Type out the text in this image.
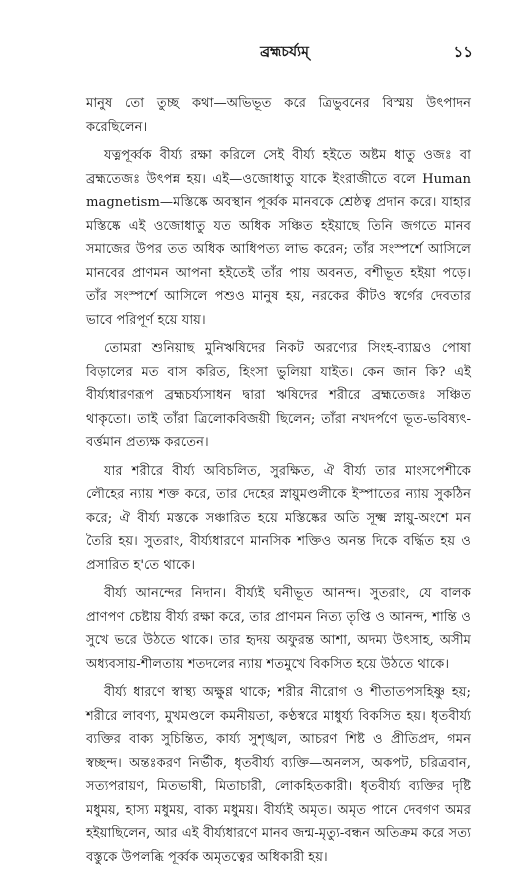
ব্রহ্মচর্য্যম্	১১

মানুষ তো তুচ্ছ কথা—অভিভূত করে ত্রিভুবনের বিস্ময় উৎপাদন করেছিলেন।

যত্নপূর্ব্বক বীর্য্য রক্ষা করিলে সেই বীর্য্য হইতে অষ্টম ধাতু ওজঃ বা ব্রহ্মতেজঃ উৎপন্ন হয়। এই—ওজোধাতু যাকে ইংরাজীতে বলে Human magnetism—মস্তিষ্কে অবস্থান পূর্ব্বক মানবকে শ্রেষ্ঠত্ব প্রদান করে। যাহার মস্তিষ্কে এই ওজোধাতু যত অধিক সঞ্চিত হইয়াছে তিনি জগতে মানব সমাজের উপর তত অধিক আধিপত্য লাভ করেন; তাঁর সংস্পর্শে আসিলে মানবের প্রাণমন আপনা হইতেই তাঁর পায় অবনত, বশীভূত হইয়া পড়ে। তাঁর সংস্পর্শে আসিলে পশুও মানুষ হয়, নরকের কীটও স্বর্গের দেবতার ভাবে পরিপূর্ণ হয়ে যায়।

তোমরা শুনিয়াছ মুনিঋষিদের নিকট অরণ্যের সিংহ-ব্যাঘ্রও পোষা বিড়ালের মত বাস করিত, হিংসা ভুলিয়া যাইত। কেন জান কি? এই বীর্য্যধারণরূপ ব্রহ্মচর্য্যসাধন দ্বারা ঋষিদের শরীরে ব্রহ্মতেজঃ সঞ্চিত থাকৃতো। তাই তাঁরা ত্রিলোকবিজয়ী ছিলেন; তাঁরা নখদর্পণে ভূত-ভবিষ্যৎ-বর্ত্তমান প্রত্যক্ষ করতেন।

যার শরীরে বীর্য্য অবিচলিত, সুরক্ষিত, ঐ বীর্য্য তার মাংসপেশীকে লৌহের ন্যায় শক্ত করে, তার দেহের স্নায়ুমণ্ডলীকে ইস্পাতের ন্যায় সুকঠিন করে; ঐ বীর্য্য মস্তকে সঞ্চারিত হয়ে মস্তিষ্কের অতি সূক্ষ্ম স্নায়ু-অংশে মন তৈরি হয়। সুতরাং, বীর্য্যধারণে মানসিক শক্তিও অনন্ত দিকে বর্দ্ধিত হয় ও প্রসারিত হ'তে থাকে।

বীর্য্য আনন্দের নিদান। বীর্য্যই ঘনীভূত আনন্দ। সুতরাং, যে বালক প্রাণপণ চেষ্টায় বীর্য্য রক্ষা করে, তার প্রাণমন নিত্য তৃপ্তি ও আনন্দ, শান্তি ও সুখে ভরে উঠতে থাকে। তার হৃদয় অফুরন্ত আশা, অদম্য উৎসাহ, অসীম অধ্যবসায়-শীলতায় শতদলের ন্যায় শতমুখে বিকসিত হয়ে উঠতে থাকে।

বীর্য্য ধারণে স্বাস্থ্য অক্ষুণ্ণ থাকে; শরীর নীরোগ ও শীতাতপসহিষ্ণু হয়; শরীরে লাবণ্য, মুখমণ্ডলে কমনীয়তা, কণ্ঠস্বরে মাধুর্য্য বিকসিত হয়। ধৃতবীর্য্য ব্যক্তির বাক্য সুচিন্তিত, কার্য্য সুশৃঙ্খল, আচরণ শিষ্ট ও প্রীতিপ্রদ, গমন স্বচ্ছন্দ। অন্তঃকরণ নির্ভীক, ধৃতবীর্য্য ব্যক্তি—অনলস, অকপট, চরিত্রবান, সত্যপরায়ণ, মিতভাষী, মিতাচারী, লোকহিতকারী। ধৃতবীর্য্য ব্যক্তির দৃষ্টি মধুময়, হাস্য মধুময়, বাক্য মধুময়। বীর্য্যই অমৃত। অমৃত পানে দেবগণ অমর হইয়াছিলেন, আর এই বীর্য্যধারণে মানব জন্ম-মৃত্যু-বন্ধন অতিক্রম করে সত্য বস্তুকে উপলব্ধি পূর্ব্বক অমৃতত্বের অধিকারী হয়।
